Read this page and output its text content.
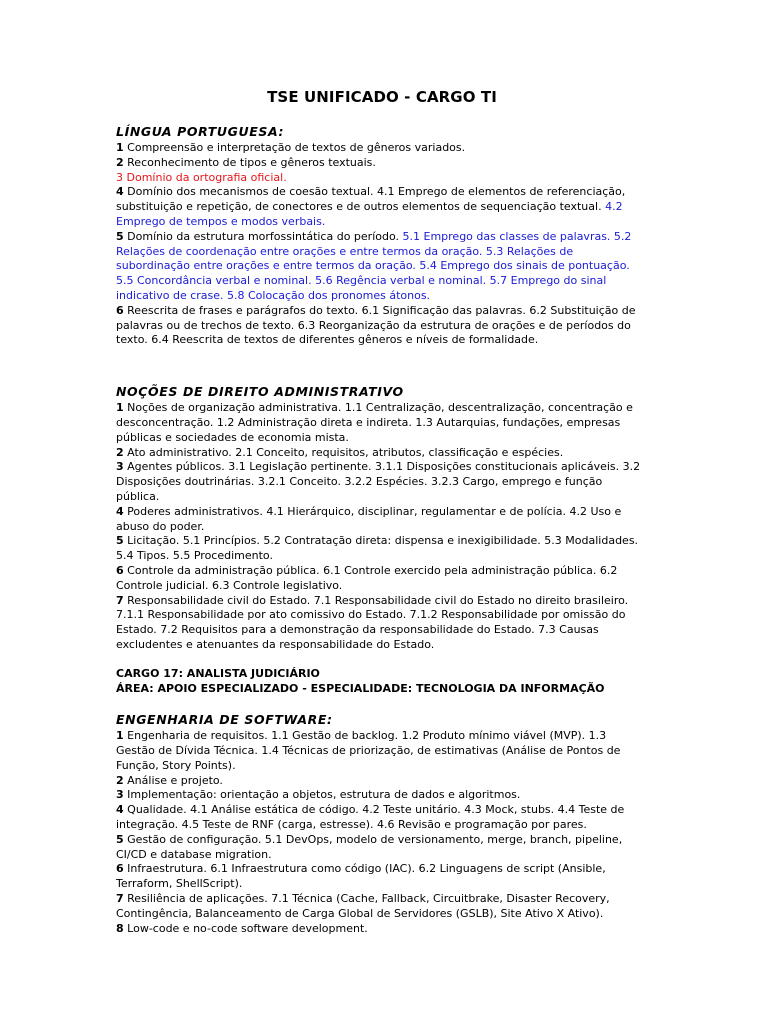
TSE UNIFICADO - CARGO TI
LÍNGUA PORTUGUESA:

1 Compreensão e interpretação de textos de gêneros variados.

2 Reconhecimento de tipos e gêneros textuais.

3 Domínio da ortografia oficial.

4 Domínio dos mecanismos de coesão textual. 4.1 Emprego de elementos de referenciação, substituição e repetição, de conectores e de outros elementos de sequenciação textual. 4.2 Emprego de tempos e modos verbais.

5 Domínio da estrutura morfossintática do período. 5.1 Emprego das classes de palavras. 5.2 Relações de coordenação entre orações e entre termos da oração. 5.3 Relações de subordinação entre orações e entre termos da oração. 5.4 Emprego dos sinais de pontuação. 5.5 Concordância verbal e nominal. 5.6 Regência verbal e nominal. 5.7 Emprego do sinal indicativo de crase. 5.8 Colocação dos pronomes átonos.

6 Reescrita de frases e parágrafos do texto. 6.1 Significação das palavras. 6.2 Substituição de palavras ou de trechos de texto. 6.3 Reorganização da estrutura de orações e de períodos do texto. 6.4 Reescrita de textos de diferentes gêneros e níveis de formalidade.

NOÇÕES DE DIREITO ADMINISTRATIVO

1 Noções de organização administrativa. 1.1 Centralização, descentralização, concentração e desconcentração. 1.2 Administração direta e indireta. 1.3 Autarquias, fundações, empresas públicas e sociedades de economia mista.

2 Ato administrativo. 2.1 Conceito, requisitos, atributos, classificação e espécies.

3 Agentes públicos. 3.1 Legislação pertinente. 3.1.1 Disposições constitucionais aplicáveis. 3.2 Disposições doutrinárias. 3.2.1 Conceito. 3.2.2 Espécies. 3.2.3 Cargo, emprego e função pública.

4 Poderes administrativos. 4.1 Hierárquico, disciplinar, regulamentar e de polícia. 4.2 Uso e abuso do poder.

5 Licitação. 5.1 Princípios. 5.2 Contratação direta: dispensa e inexigibilidade. 5.3 Modalidades. 5.4 Tipos. 5.5 Procedimento.

6 Controle da administração pública. 6.1 Controle exercido pela administração pública. 6.2 Controle judicial. 6.3 Controle legislativo.

7 Responsabilidade civil do Estado. 7.1 Responsabilidade civil do Estado no direito brasileiro. 7.1.1 Responsabilidade por ato comissivo do Estado. 7.1.2 Responsabilidade por omissão do Estado. 7.2 Requisitos para a demonstração da responsabilidade do Estado. 7.3 Causas excludentes e atenuantes da responsabilidade do Estado.

CARGO 17: ANALISTA JUDICIÁRIO

ÁREA: APOIO ESPECIALIZADO - ESPECIALIDADE: TECNOLOGIA DA INFORMAÇÃO

ENGENHARIA DE SOFTWARE:

1 Engenharia de requisitos. 1.1 Gestão de backlog. 1.2 Produto mínimo viável (MVP). 1.3 Gestão de Dívida Técnica. 1.4 Técnicas de priorização, de estimativas (Análise de Pontos de Função, Story Points).

2 Análise e projeto.

3 Implementação: orientação a objetos, estrutura de dados e algoritmos.

4 Qualidade. 4.1 Análise estática de código. 4.2 Teste unitário. 4.3 Mock, stubs. 4.4 Teste de integração. 4.5 Teste de RNF (carga, estresse). 4.6 Revisão e programação por pares.

5 Gestão de configuração. 5.1 DevOps, modelo de versionamento, merge, branch, pipeline, CI/CD e database migration.

6 Infraestrutura. 6.1 Infraestrutura como código (IAC). 6.2 Linguagens de script (Ansible, Terraform, ShellScript).

7 Resiliência de aplicações. 7.1 Técnica (Cache, Fallback, Circuitbrake, Disaster Recovery, Contingência, Balanceamento de Carga Global de Servidores (GSLB), Site Ativo X Ativo).

8 Low-code e no-code software development.
